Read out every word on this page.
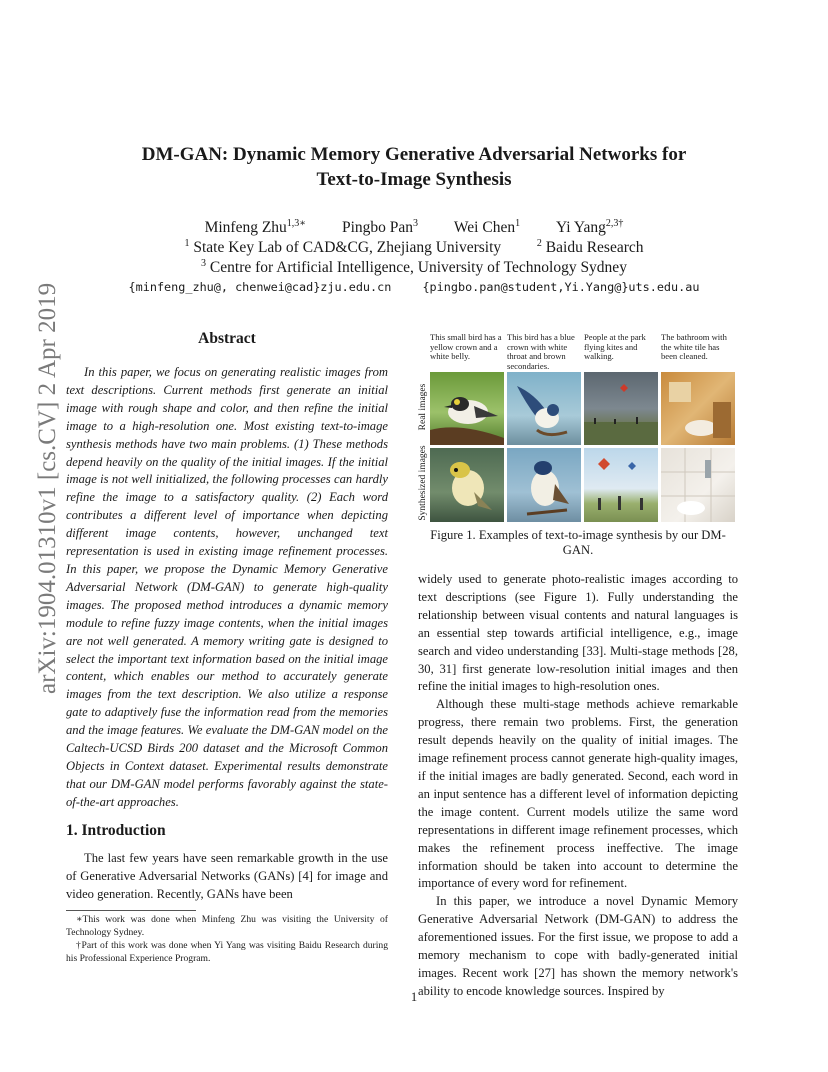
DM-GAN: Dynamic Memory Generative Adversarial Networks for
Text-to-Image Synthesis
Minfeng Zhu$^{1,3∗}$ Pingbo Pan$^3$ Wei Chen$^1$ Yi Yang$^{2,3\dagger}$
$^1$ State Key Lab of CAD&CG, Zhejiang University	$^2$ Baidu Research
$^3$ Centre for Artificial Intelligence, University of Technology Sydney
{minfeng_zhu@, chenwei@cad}zju.edu.cn	{pingbo.pan@student,Yi.Yang@}uts.edu.au
arXiv:1904.01310v1 [cs.CV] 2 Apr 2019	Abstract
In this paper, we focus on generating realistic images from text descriptions. Current methods first generate an initial image with rough shape and color, and then refine the initial image to a high-resolution one. Most existing text-to-image synthesis methods have two main problems. (1) These methods depend heavily on the quality of the initial images. If the initial image is not well initialized, the following processes can hardly refine the image to a satisfactory quality. (2) Each word contributes a different level of importance when depicting different image contents, however, unchanged text representation is used in existing image refinement processes. In this paper, we propose the Dynamic Memory Generative Adversarial Network (DM-GAN) to generate high-quality images. The proposed method introduces a dynamic memory module to refine fuzzy image contents, when the initial images are not well generated. A memory writing gate is designed to select the important text information based on the initial image content, which enables our method to accurately generate images from the text description. We also utilize a response gate to adaptively fuse the information read from the memories and the image features. We evaluate the DM-GAN model on the Caltech-UCSD Birds 200 dataset and the Microsoft Common Objects in Context dataset. Experimental results demonstrate that our DM-GAN model performs favorably against the state-of-the-art approaches.
1. Introduction
The last few years have seen remarkable growth in the use of Generative Adversarial Networks (GANs) [4] for image and video generation. Recently, GANs have been
∗This work was done when Minfeng Zhu was visiting the University of Technology Sydney.
†Part of this work was done when Yi Yang was visiting Baidu Research during his Professional Experience Program.
This small bird has a yellow crown and a white belly.
This bird has a blue crown with white throat and brown secondaries.
People at the park flying kites and walking.
The bathroom with the white tile has been cleaned.
Real images
Synthesized images
Figure 1. Examples of text-to-image synthesis by our DM-GAN.

widely used to generate photo-realistic images according to text descriptions (see Figure 1). Fully understanding the relationship between visual contents and natural languages is an essential step towards artificial intelligence, e.g., image search and video understanding [33]. Multi-stage methods [28, 30, 31] first generate low-resolution initial images and then refine the initial images to high-resolution ones.

Although these multi-stage methods achieve remarkable progress, there remain two problems. First, the generation result depends heavily on the quality of initial images. The image refinement process cannot generate high-quality images, if the initial images are badly generated. Second, each word in an input sentence has a different level of information depicting the image content. Current models utilize the same word representations in different image refinement processes, which makes the refinement process ineffective. The image information should be taken into account to determine the importance of every word for refinement.

In this paper, we introduce a novel Dynamic Memory Generative Adversarial Network (DM-GAN) to address the aforementioned issues. For the first issue, we propose to add a memory mechanism to cope with badly-generated initial images. Recent work [27] has shown the memory network's ability to encode knowledge sources. Inspired by

1
